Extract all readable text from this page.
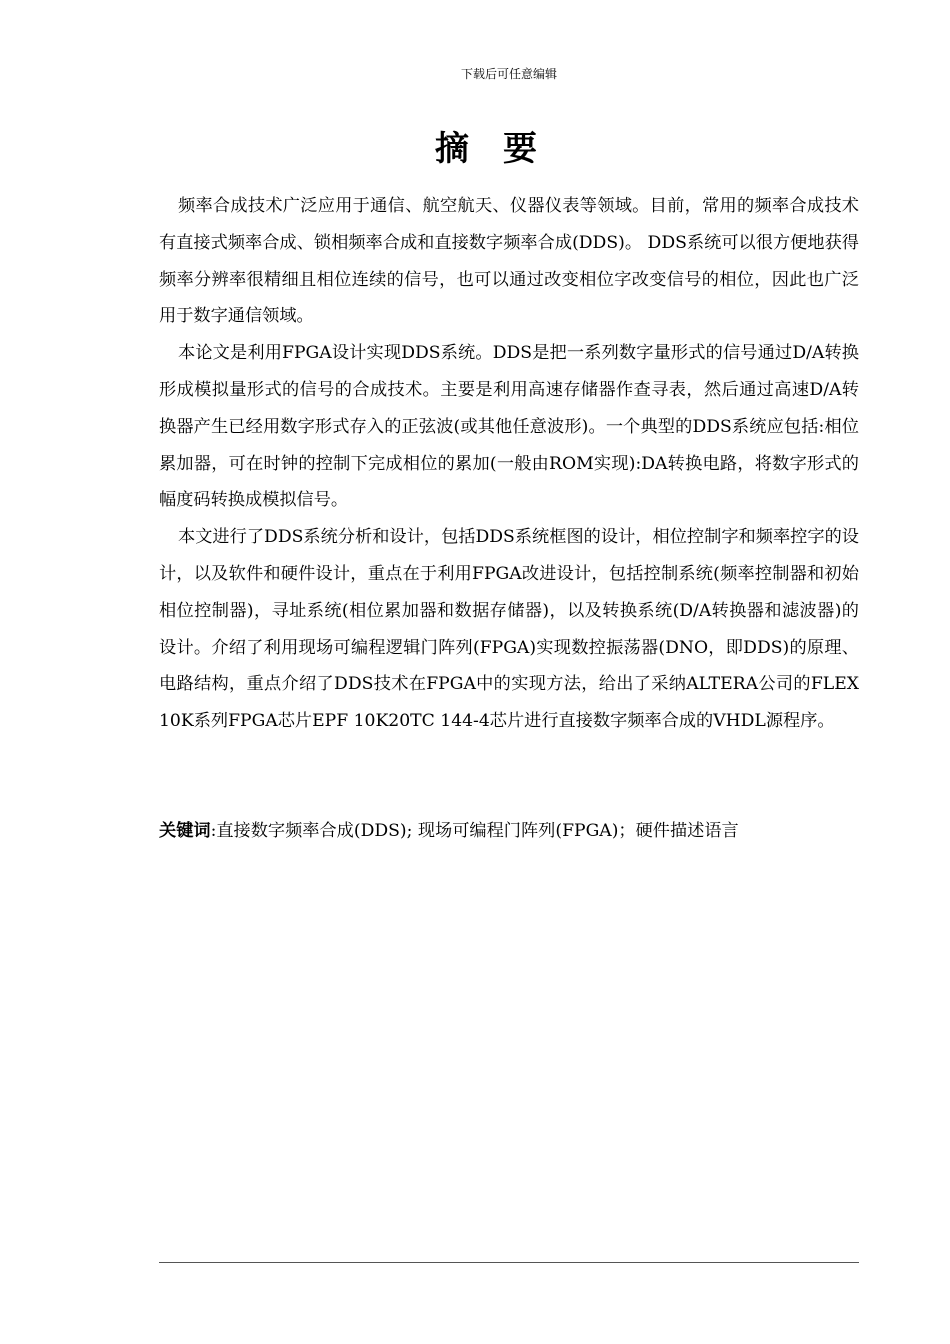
下载后可任意编辑
摘 要

频率合成技术广泛应用于通信、航空航天、仪器仪表等领域。目前，常用的频率合成技术有直接式频率合成、锁相频率合成和直接数字频率合成(DDS)。 DDS系统可以很方便地获得频率分辨率很精细且相位连续的信号，也可以通过改变相位字改变信号的相位，因此也广泛用于数字通信领域。

本论文是利用FPGA设计实现DDS系统。DDS是把一系列数字量形式的信号通过D/A转换形成模拟量形式的信号的合成技术。主要是利用高速存储器作查寻表，然后通过高速D/A转换器产生已经用数字形式存入的正弦波(或其他任意波形)。一个典型的DDS系统应包括:相位累加器，可在时钟的控制下完成相位的累加(一般由ROM实现):DA转换电路，将数字形式的幅度码转换成模拟信号。

本文进行了DDS系统分析和设计，包括DDS系统框图的设计，相位控制字和频率控字的设计，以及软件和硬件设计，重点在于利用FPGA改进设计，包括控制系统(频率控制器和初始相位控制器)，寻址系统(相位累加器和数据存储器)，以及转换系统(D/A转换器和滤波器)的设计。介绍了利用现场可编程逻辑门阵列(FPGA)实现数控振荡器(DNO，即DDS)的原理、电路结构，重点介绍了DDS技术在FPGA中的实现方法，给出了采纳ALTERA公司的FLEX 10K系列FPGA芯片EPF 10K20TC 144-4芯片进行直接数字频率合成的VHDL源程序。

关键词:直接数字频率合成(DDS); 现场可编程门阵列(FPGA)；硬件描述语言
